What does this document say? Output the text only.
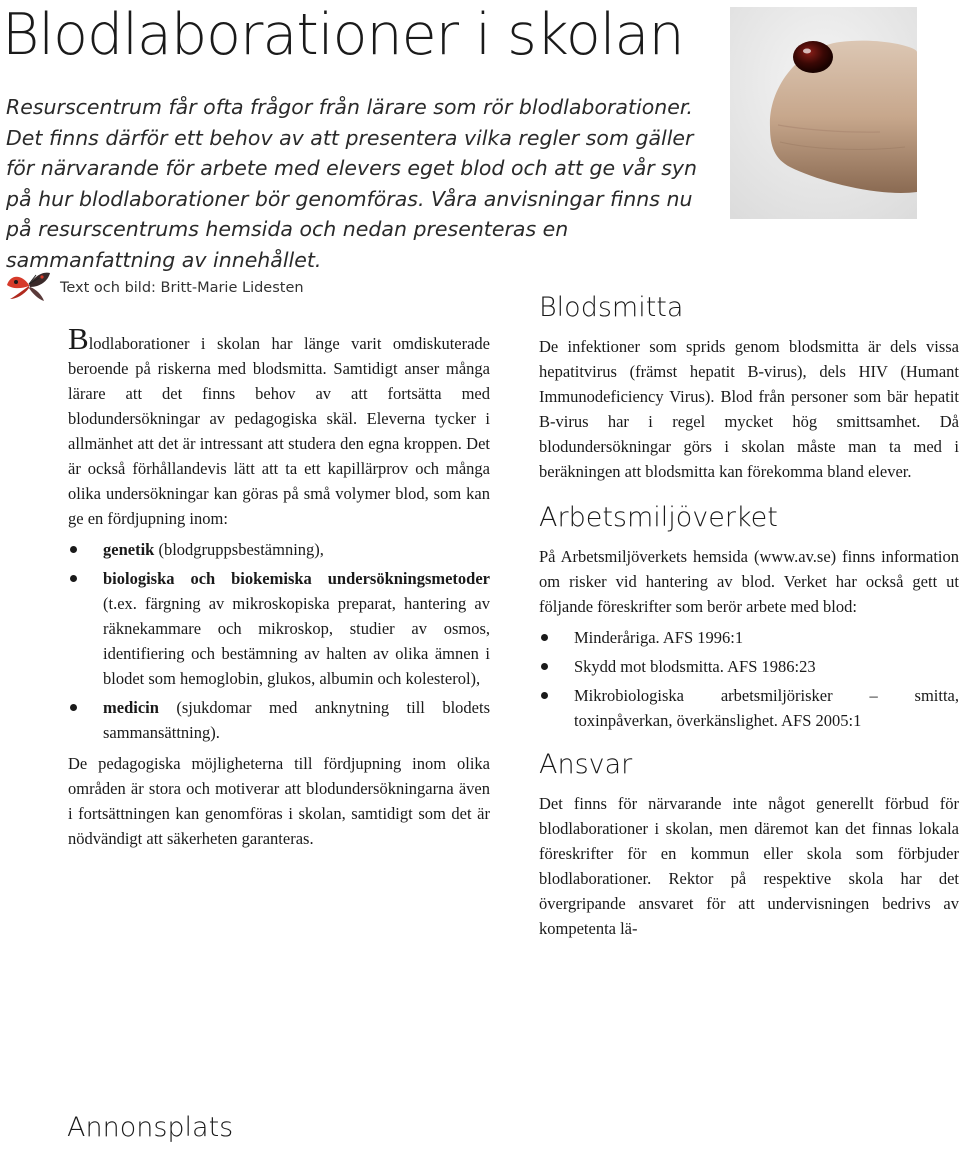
Blodlaborationer i skolan

Resurscentrum får ofta frågor från lärare som rör blodlaborationer. Det finns därför ett behov av att presentera vilka regler som gäller för närvarande för arbete med elevers eget blod och att ge vår syn på hur blodlaborationer bör genomföras. Våra anvisningar finns nu på resurscentrums hemsida och nedan presenteras en sammanfattning av innehållet.

Text och bild: Britt-Marie Lidesten

Blodlaborationer i skolan har länge varit omdiskuterade beroende på riskerna med blodsmitta. Samtidigt anser många lärare att det finns behov av att fortsätta med blodundersökningar av pedagogiska skäl. Eleverna tycker i allmänhet att det är intressant att studera den egna kroppen. Det är också förhållandevis lätt att ta ett kapillärprov och många olika undersökningar kan göras på små volymer blod, som kan ge en fördjupning inom:

genetik (blodgruppsbestämning),
biologiska och biokemiska undersökningsmetoder (t.ex. färgning av mikroskopiska preparat, hantering av räknekammare och mikroskop, studier av osmos, identifiering och bestämning av halten av olika ämnen i blodet som hemoglobin, glukos, albumin och kolesterol),
medicin (sjukdomar med anknytning till blodets sammansättning).

De pedagogiska möjligheterna till fördjupning inom olika områden är stora och motiverar att blodundersökningarna även i fortsättningen kan genomföras i skolan, samtidigt som det är nödvändigt att säkerheten garanteras.

Blodsmitta

De infektioner som sprids genom blodsmitta är dels vissa hepatitvirus (främst hepatit B-virus), dels HIV (Humant Immunodeficiency Virus). Blod från personer som bär hepatit B-virus har i regel mycket hög smittsamhet. Då blodundersökningar görs i skolan måste man ta med i beräkningen att blodsmitta kan förekomma bland elever.

Arbetsmiljöverket

På Arbetsmiljöverkets hemsida (www.av.se) finns information om risker vid hantering av blod. Verket har också gett ut följande föreskrifter som berör arbete med blod:

Minderåriga. AFS 1996:1
Skydd mot blodsmitta. AFS 1986:23
Mikrobiologiska arbetsmiljörisker – smitta, toxinpåverkan, överkänslighet. AFS 2005:1
Ansvar

Det finns för närvarande inte något generellt förbud för blodlaborationer i skolan, men däremot kan det finnas lokala föreskrifter för en kommun eller skola som förbjuder blodlaborationer. Rektor på respektive skola har det övergripande ansvaret för att undervisningen bedrivs av kompetenta lä-

Annonsplats
